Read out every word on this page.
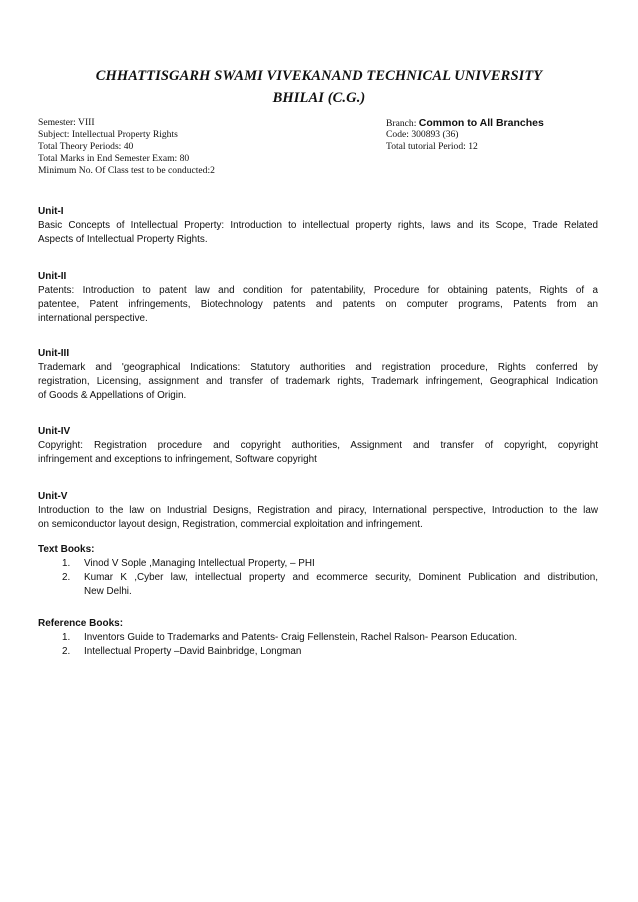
CHHATTISGARH SWAMI VIVEKANAND TECHNICAL UNIVERSITY
BHILAI (C.G.)
Semester: VIII	Branch: Common to All Branches
Subject: Intellectual Property Rights	Code: 300893 (36)
Total Theory Periods: 40	Total tutorial Period: 12
Total Marks in End Semester Exam: 80
Minimum No. Of Class test to be conducted:2
Unit-I
Basic Concepts of Intellectual Property: Introduction to intellectual property rights, laws and its Scope, Trade Related
Aspects of Intellectual Property Rights.
Unit-II
Patents: Introduction to patent law and condition for patentability, Procedure for obtaining patents, Rights of a
patentee, Patent infringements, Biotechnology patents and patents on computer programs, Patents from an
international perspective.
Unit-III
Trademark and 'geographical Indications: Statutory authorities and registration procedure, Rights conferred by
registration, Licensing, assignment and transfer of trademark rights, Trademark infringement, Geographical Indication
of Goods & Appellations of Origin.
Unit-IV
Copyright: Registration procedure and copyright authorities, Assignment and transfer of copyright, copyright
infringement and exceptions to infringement, Software copyright
Unit-V
Introduction to the law on Industrial Designs, Registration and piracy, International perspective, Introduction to the law
on semiconductor layout design, Registration, commercial exploitation and infringement.
Text Books:
1. Vinod V Sople ,Managing Intellectual Property, – PHI
2. Kumar K ,Cyber law, intellectual property and ecommerce security, Dominent Publication and distribution,
New Delhi.
Reference Books:
1. Inventors Guide to Trademarks and Patents- Craig Fellenstein, Rachel Ralson- Pearson Education.
2. Intellectual Property –David Bainbridge, Longman
